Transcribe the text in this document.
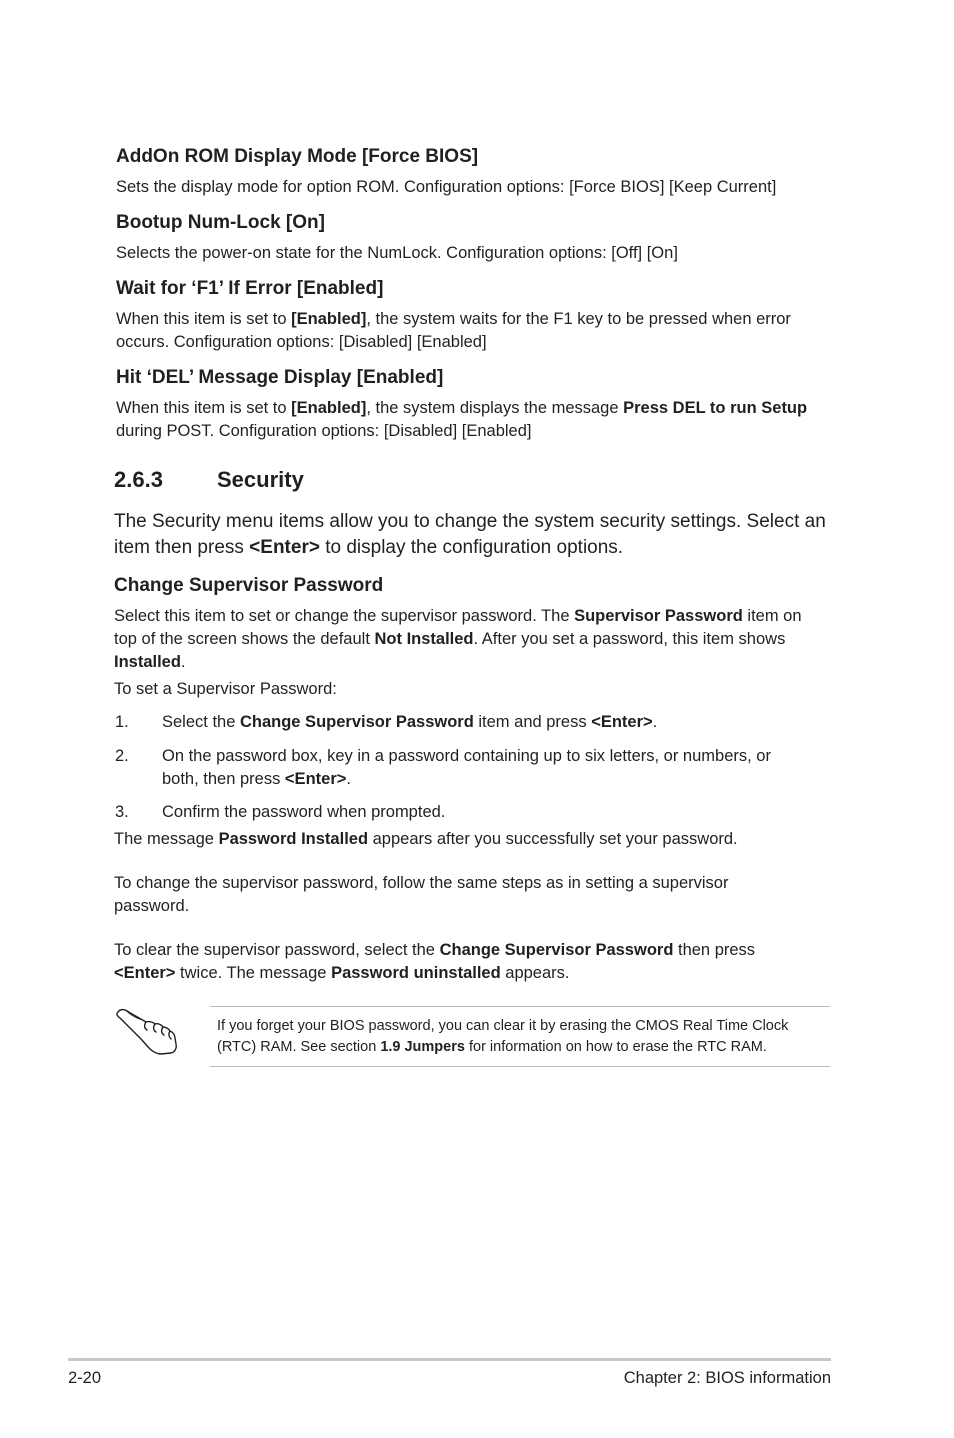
AddOn ROM Display Mode [Force BIOS]
Sets the display mode for option ROM. Configuration options: [Force BIOS] [Keep Current]
Bootup Num-Lock [On]
Selects the power-on state for the NumLock. Configuration options: [Off] [On]
Wait for ‘F1’ If Error [Enabled]
When this item is set to [Enabled], the system waits for the F1 key to be pressed when error occurs. Configuration options: [Disabled] [Enabled]
Hit ‘DEL’ Message Display [Enabled]
When this item is set to [Enabled], the system displays the message Press DEL to run Setup during POST. Configuration options: [Disabled] [Enabled]
2.6.3 Security
The Security menu items allow you to change the system security settings. Select an item then press <Enter> to display the configuration options.
Change Supervisor Password
Select this item to set or change the supervisor password. The Supervisor Password item on top of the screen shows the default Not Installed. After you set a password, this item shows Installed.
To set a Supervisor Password:
1. Select the Change Supervisor Password item and press <Enter>.
2. On the password box, key in a password containing up to six letters, or numbers, or both, then press <Enter>.
3. Confirm the password when prompted.
The message Password Installed appears after you successfully set your password.
To change the supervisor password, follow the same steps as in setting a supervisor password.
To clear the supervisor password, select the Change Supervisor Password then press <Enter> twice. The message Password uninstalled appears.
If you forget your BIOS password, you can clear it by erasing the CMOS Real Time Clock (RTC) RAM. See section 1.9 Jumpers for information on how to erase the RTC RAM.
2-20	Chapter 2: BIOS information
